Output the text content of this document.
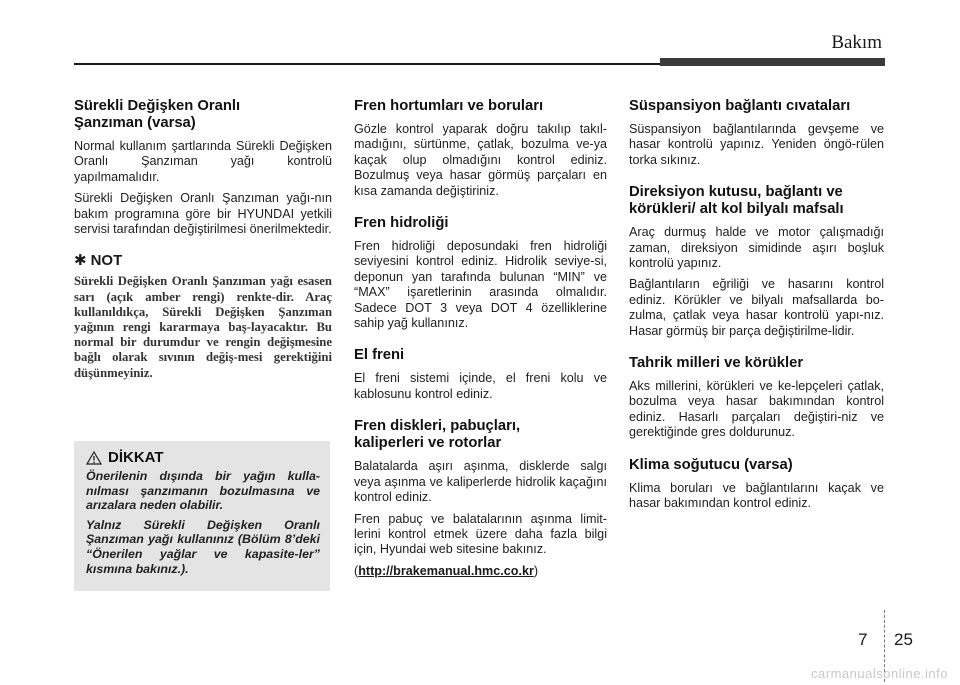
Bakım
Sürekli Değişken Oranlı
Şanzıman (varsa)

Normal kullanım şartlarında Sürekli Değişken Oranlı Şanzıman yağı kontrolü yapılmamalıdır.

Sürekli Değişken Oranlı Şanzıman yağı-nın bakım programına göre bir HYUNDAI yetkili servisi tarafından değiştirilmesi önerilmektedir.

✱ NOT

Sürekli Değişken Oranlı Şanzıman yağı esasen sarı (açık amber rengi) renkte-dir. Araç kullanıldıkça, Sürekli Değişken Şanzıman yağının rengi kararmaya baş-layacaktır. Bu normal bir durumdur ve rengin değişmesine bağlı olarak sıvının değiş-mesi gerektiğini düşünmeyiniz.

DİKKAT

Önerilenin dışında bir yağın kulla-nılması şanzımanın bozulmasına ve arızalara neden olabilir.

Yalnız Sürekli Değişken Oranlı Şanzıman yağı kullanınız (Bölüm 8’deki “Önerilen yağlar ve kapasite-ler” kısmına bakınız.).

Fren hortumları ve boruları

Gözle kontrol yaparak doğru takılıp takıl-madığını, sürtünme, çatlak, bozulma ve-ya kaçak olup olmadığını kontrol ediniz. Bozulmuş veya hasar görmüş parçaları en kısa zamanda değiştiriniz.

Fren hidroliği

Fren hidroliği deposundaki fren hidroliği seviyesini kontrol ediniz. Hidrolik seviye-si, deponun yan tarafında bulunan “MIN” ve “MAX” işaretlerinin arasında olmalıdır. Sadece DOT 3 veya DOT 4 özelliklerine sahip yağ kullanınız.

El freni

El freni sistemi içinde, el freni kolu ve kablosunu kontrol ediniz.

Fren diskleri, pabuçları,
kaliperleri ve rotorlar

Balatalarda aşırı aşınma, disklerde salgı veya aşınma ve kaliperlerde hidrolik kaçağını kontrol ediniz.

Fren pabuç ve balatalarının aşınma limit-lerini kontrol etmek üzere daha fazla bilgi için, Hyundai web sitesine bakınız.

(http://brakemanual.hmc.co.kr)

Süspansiyon bağlantı cıvataları

Süspansiyon bağlantılarında gevşeme ve hasar kontrolü yapınız. Yeniden öngö-rülen torka sıkınız.

Direksiyon kutusu, bağlantı ve
körükleri/ alt kol bilyalı mafsalı

Araç durmuş halde ve motor çalışmadığı zaman, direksiyon simidinde aşırı boşluk kontrolü yapınız.

Bağlantıların eğriliği ve hasarını kontrol ediniz. Körükler ve bilyalı mafsallarda bo-zulma, çatlak veya hasar kontrolü yapı-nız. Hasar görmüş bir parça değiştirilme-lidir.

Tahrik milleri ve körükler

Aks millerini, körükleri ve ke-lepçeleri çatlak, bozulma veya hasar bakımından kontrol ediniz. Hasarlı parçaları değiştiri-niz ve gerektiğinde gres doldurunuz.

Klima soğutucu (varsa)

Klima boruları ve bağlantılarını kaçak ve hasar bakımından kontrol ediniz.

7 25
carmanualsonline.info
